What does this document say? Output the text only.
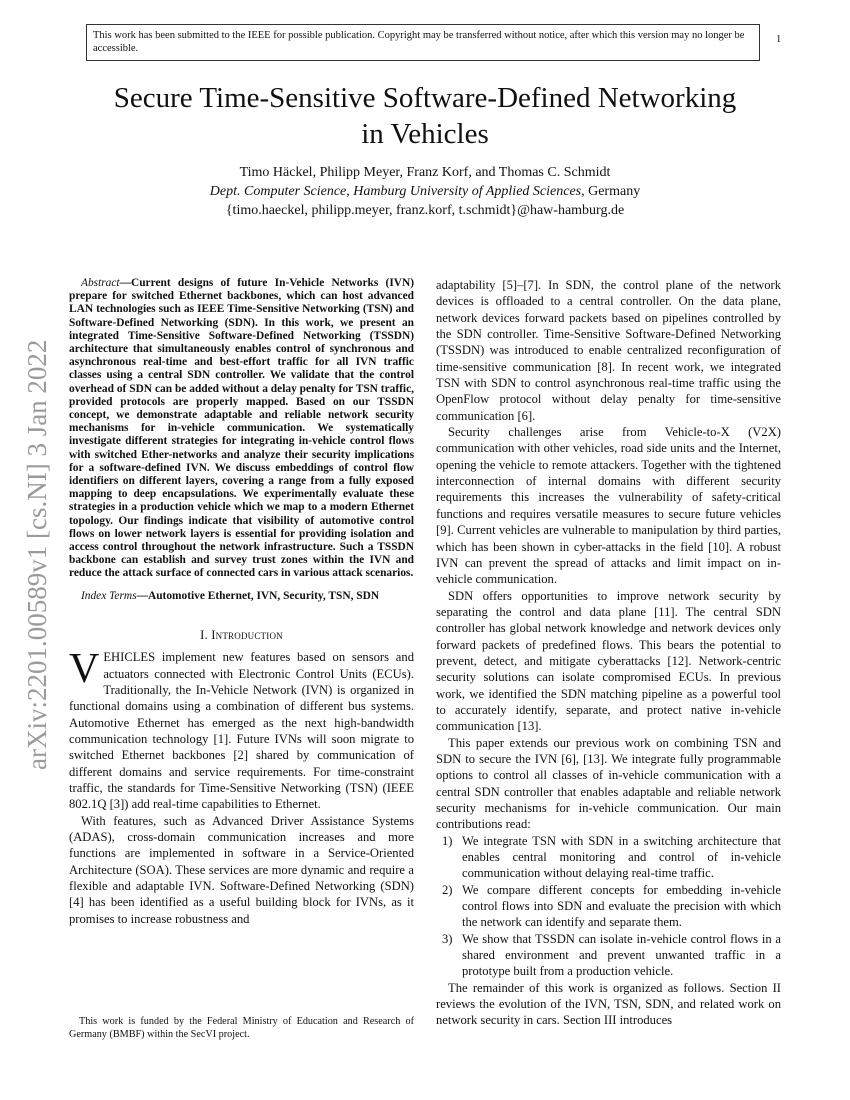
This work has been submitted to the IEEE for possible publication. Copyright may be transferred without notice, after which this version may no longer be accessible.
1
Secure Time-Sensitive Software-Defined Networking in Vehicles
Timo Häckel, Philipp Meyer, Franz Korf, and Thomas C. Schmidt
Dept. Computer Science, Hamburg University of Applied Sciences, Germany
{timo.haeckel, philipp.meyer, franz.korf, t.schmidt}@haw-hamburg.de
arXiv:2201.00589v1 [cs.NI] 3 Jan 2022

Abstract—Current designs of future In-Vehicle Networks (IVN) prepare for switched Ethernet backbones, which can host advanced LAN technologies such as IEEE Time-Sensitive Networking (TSN) and Software-Defined Networking (SDN). In this work, we present an integrated Time-Sensitive Software-Defined Networking (TSSDN) architecture that simultaneously enables control of synchronous and asynchronous real-time and best-effort traffic for all IVN traffic classes using a central SDN controller. We validate that the control overhead of SDN can be added without a delay penalty for TSN traffic, provided protocols are properly mapped. Based on our TSSDN concept, we demonstrate adaptable and reliable network security mechanisms for in-vehicle communication. We systematically investigate different strategies for integrating in-vehicle control flows with switched Ether-networks and analyze their security implications for a software-defined IVN. We discuss embeddings of control flow identifiers on different layers, covering a range from a fully exposed mapping to deep encapsulations. We experimentally evaluate these strategies in a production vehicle which we map to a modern Ethernet topology. Our findings indicate that visibility of automotive control flows on lower network layers is essential for providing isolation and access control throughout the network infrastructure. Such a TSSDN backbone can establish and survey trust zones within the IVN and reduce the attack surface of connected cars in various attack scenarios.

Index Terms—Automotive Ethernet, IVN, Security, TSN, SDN

I. Introduction

VEHICLES implement new features based on sensors and actuators connected with Electronic Control Units (ECUs). Traditionally, the In-Vehicle Network (IVN) is organized in functional domains using a combination of different bus systems. Automotive Ethernet has emerged as the next high-bandwidth communication technology [1]. Future IVNs will soon migrate to switched Ethernet backbones [2] shared by communication of different domains and service requirements. For time-constraint traffic, the standards for Time-Sensitive Networking (TSN) (IEEE 802.1Q [3]) add real-time capabilities to Ethernet.

With features, such as Advanced Driver Assistance Systems (ADAS), cross-domain communication increases and more functions are implemented in software in a Service-Oriented Architecture (SOA). These services are more dynamic and require a flexible and adaptable IVN. Software-Defined Networking (SDN) [4] has been identified as a useful building block for IVNs, as it promises to increase robustness and

This work is funded by the Federal Ministry of Education and Research of Germany (BMBF) within the SecVI project.

adaptability [5]–[7]. In SDN, the control plane of the network devices is offloaded to a central controller. On the data plane, network devices forward packets based on pipelines controlled by the SDN controller. Time-Sensitive Software-Defined Networking (TSSDN) was introduced to enable centralized reconfiguration of time-sensitive communication [8]. In recent work, we integrated TSN with SDN to control asynchronous real-time traffic using the OpenFlow protocol without delay penalty for time-sensitive communication [6].

Security challenges arise from Vehicle-to-X (V2X) communication with other vehicles, road side units and the Internet, opening the vehicle to remote attackers. Together with the tightened interconnection of internal domains with different security requirements this increases the vulnerability of safety-critical functions and requires versatile measures to secure future vehicles [9]. Current vehicles are vulnerable to manipulation by third parties, which has been shown in cyber-attacks in the field [10]. A robust IVN can prevent the spread of attacks and limit impact on in-vehicle communication.

SDN offers opportunities to improve network security by separating the control and data plane [11]. The central SDN controller has global network knowledge and network devices only forward packets of predefined flows. This bears the potential to prevent, detect, and mitigate cyberattacks [12]. Network-centric security solutions can isolate compromised ECUs. In previous work, we identified the SDN matching pipeline as a powerful tool to accurately identify, separate, and protect native in-vehicle communication [13].

This paper extends our previous work on combining TSN and SDN to secure the IVN [6], [13]. We integrate fully programmable options to control all classes of in-vehicle communication with a central SDN controller that enables adaptable and reliable network security mechanisms for in-vehicle communication. Our main contributions read:

1) We integrate TSN with SDN in a switching architecture that enables central monitoring and control of in-vehicle communication without delaying real-time traffic.
2) We compare different concepts for embedding in-vehicle control flows into SDN and evaluate the precision with which the network can identify and separate them.
3) We show that TSSDN can isolate in-vehicle control flows in a shared environment and prevent unwanted traffic in a prototype built from a production vehicle.

The remainder of this work is organized as follows. Section II reviews the evolution of the IVN, TSN, SDN, and related work on network security in cars. Section III introduces
